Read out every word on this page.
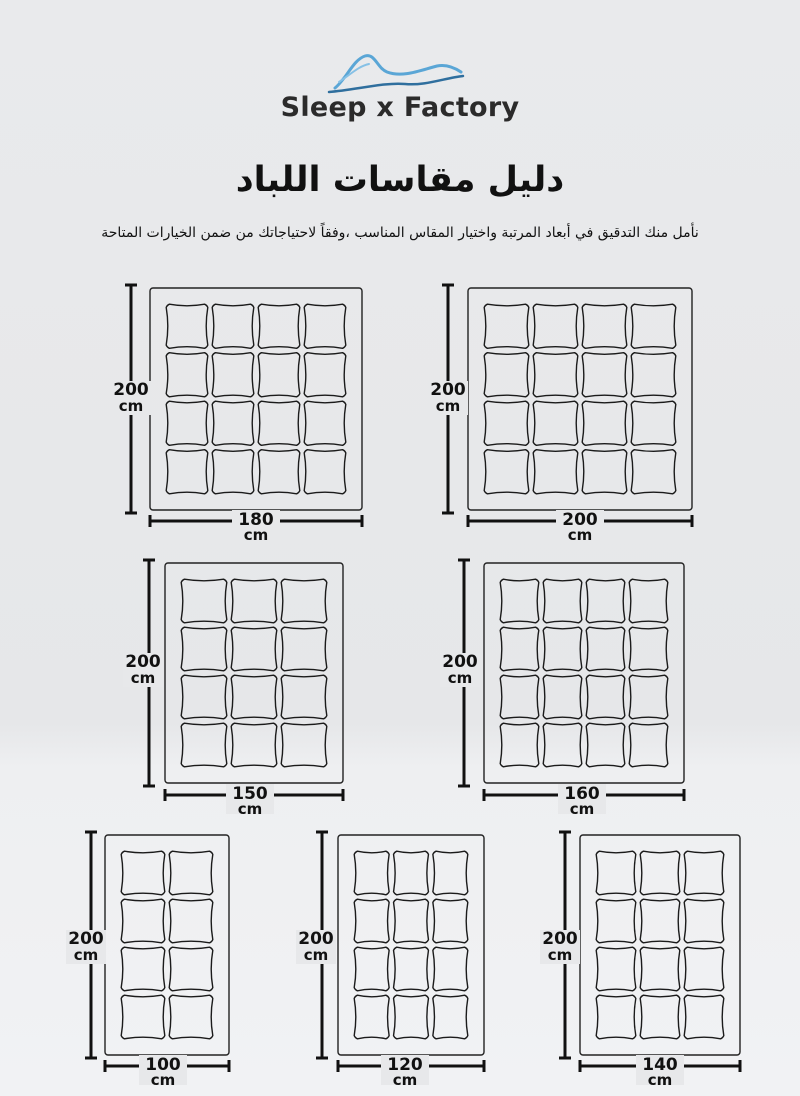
Sleep x Factory
دليل مقاسات اللباد
نأمل منك التدقيق في أبعاد المرتبة واختيار المقاس المناسب ،وفقاً لاحتياجاتك من ضمن الخيارات المتاحة
200
cm
180
cm
200
cm
200
cm
200
cm
150
cm
200
cm
160
cm
200
cm
100
cm
200
cm
120
cm
200
cm
140
cm
